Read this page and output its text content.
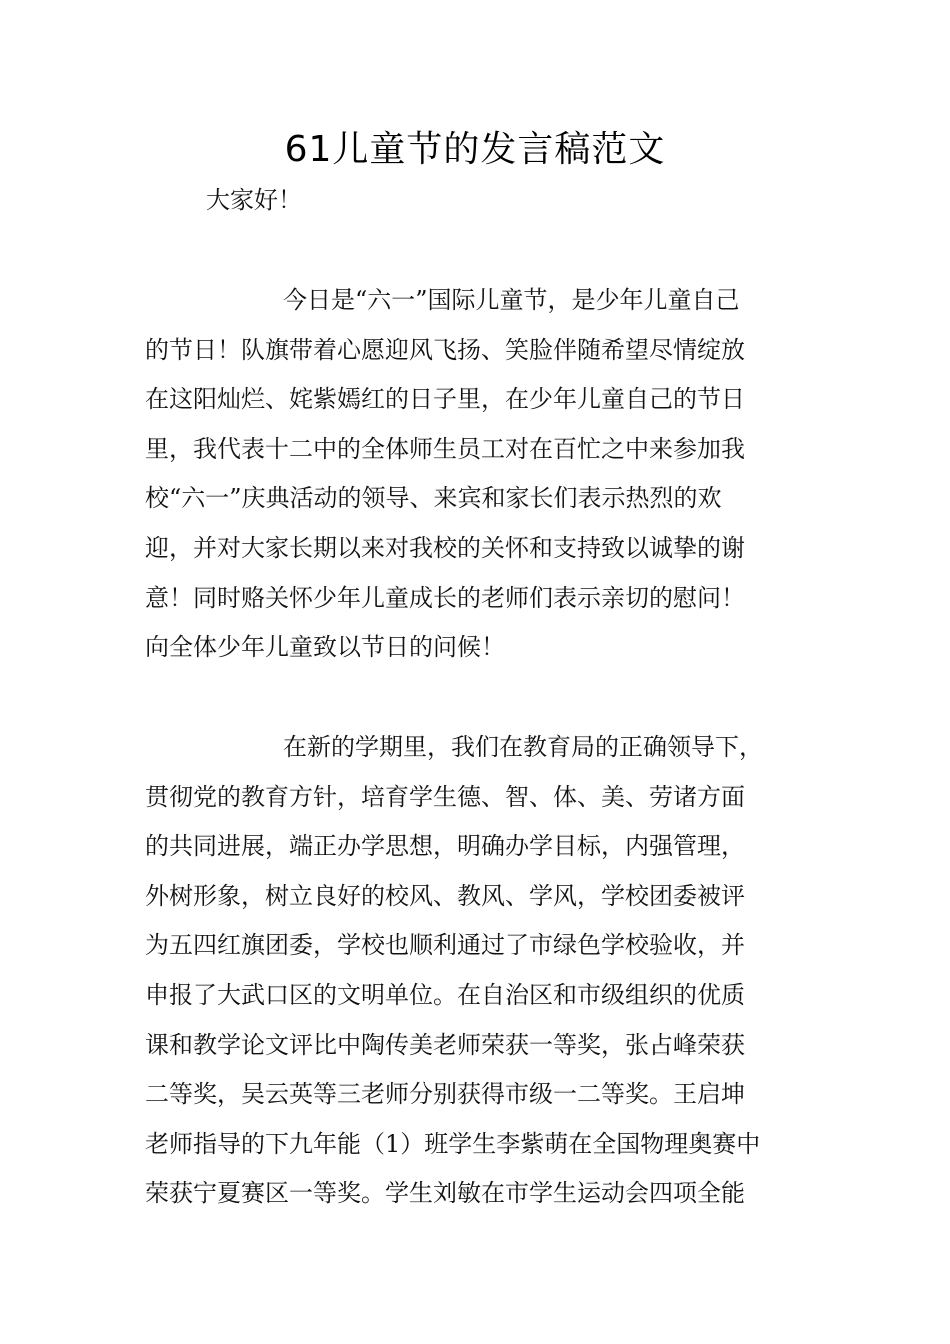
61儿童节的发言稿范文
大家好！
今日是“六一”国际儿童节，是少年儿童自己
的节日！队旗带着心愿迎风飞扬、笑脸伴随希望尽情绽放
在这阳灿烂、姹紫嫣红的日子里，在少年儿童自己的节日
里，我代表十二中的全体师生员工对在百忙之中来参加我
校“六一”庆典活动的领导、来宾和家长们表示热烈的欢
迎，并对大家长期以来对我校的关怀和支持致以诚挚的谢
意！同时赂关怀少年儿童成长的老师们表示亲切的慰问！
向全体少年儿童致以节日的问候！
在新的学期里，我们在教育局的正确领导下，
贯彻党的教育方针，培育学生德、智、体、美、劳诸方面
的共同进展，端正办学思想，明确办学目标，内强管理，
外树形象，树立良好的校风、教风、学风，学校团委被评
为五四红旗团委，学校也顺利通过了市绿色学校验收，并
申报了大武口区的文明单位。在自治区和市级组织的优质
课和教学论文评比中陶传美老师荣获一等奖，张占峰荣获
二等奖，吴云英等三老师分别获得市级一二等奖。王启坤
老师指导的下九年能（1）班学生李紫萌在全国物理奥赛中
荣获宁夏赛区一等奖。学生刘敏在市学生运动会四项全能
